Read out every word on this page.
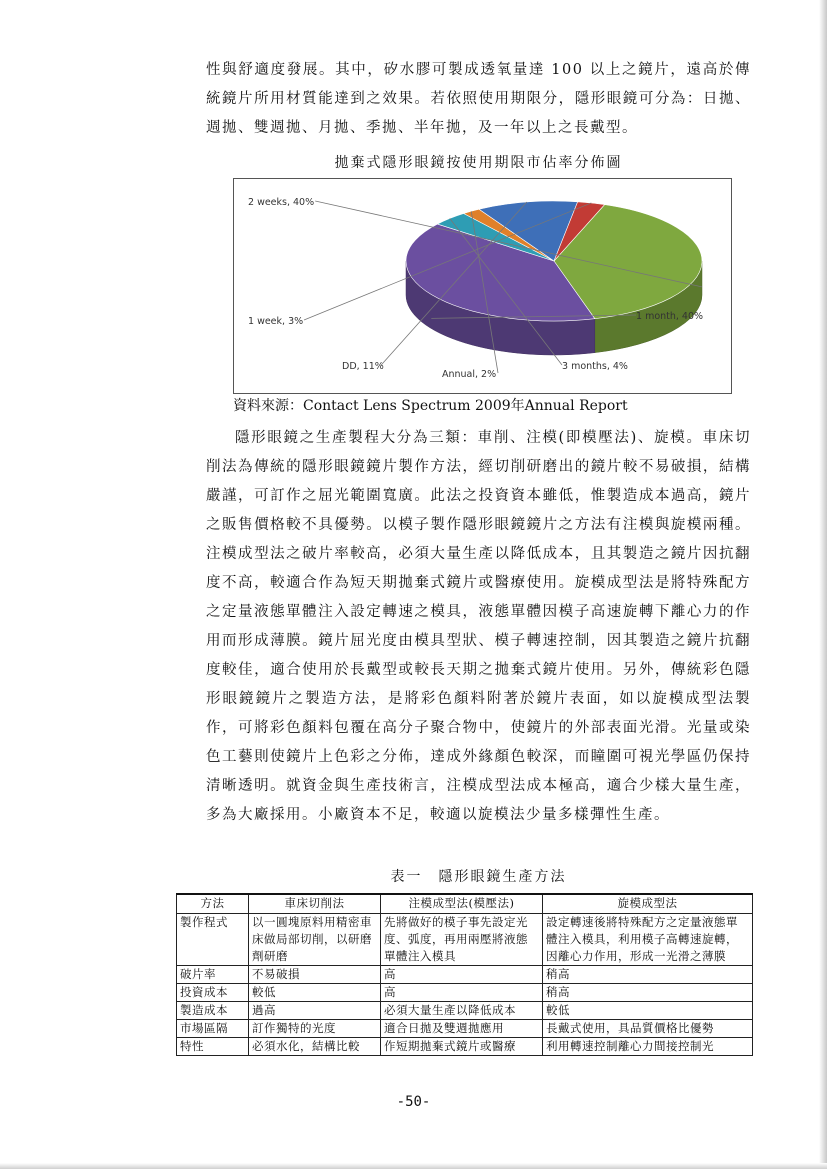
性與舒適度發展。其中，矽水膠可製成透氧量達 100 以上之鏡片，遠高於傳統鏡片所用材質能達到之效果。若依照使用期限分，隱形眼鏡可分為：日拋、週拋、雙週拋、月拋、季拋、半年拋，及一年以上之長戴型。

拋棄式隱形眼鏡按使用期限市佔率分佈圖

2 weeks, 40%
1 month, 40%
3 months, 4%
Annual, 2%
DD, 11%
1 week, 3%

資料來源：Contact Lens Spectrum 2009年Annual Report

隱形眼鏡之生產製程大分為三類：車削、注模(即模壓法)、旋模。車床切削法為傳統的隱形眼鏡鏡片製作方法，經切削研磨出的鏡片較不易破損，結構嚴謹，可訂作之屈光範圍寬廣。此法之投資資本雖低，惟製造成本過高，鏡片之販售價格較不具優勢。以模子製作隱形眼鏡鏡片之方法有注模與旋模兩種。注模成型法之破片率較高，必須大量生產以降低成本，且其製造之鏡片因抗翻度不高，較適合作為短天期拋棄式鏡片或醫療使用。旋模成型法是將特殊配方之定量液態單體注入設定轉速之模具，液態單體因模子高速旋轉下離心力的作用而形成薄膜。鏡片屈光度由模具型狀、模子轉速控制，因其製造之鏡片抗翻度較佳，適合使用於長戴型或較長天期之拋棄式鏡片使用。另外，傳統彩色隱形眼鏡鏡片之製造方法，是將彩色顏料附著於鏡片表面，如以旋模成型法製作，可將彩色顏料包覆在高分子聚合物中，使鏡片的外部表面光滑。光量或染色工藝則使鏡片上色彩之分佈，達成外緣顏色較深，而瞳圍可視光學區仍保持清晰透明。就資金與生產技術言，注模成型法成本極高，適合少樣大量生產，多為大廠採用。小廠資本不足，較適以旋模法少量多樣彈性生產。

表一　隱形眼鏡生產方法

方法	車床切削法	注模成型法(模壓法)	旋模成型法
製作程式	以一圓塊原料用精密車床做局部切削，以研磨劑研磨	先將做好的模子事先設定光度、弧度，再用兩壓將液態單體注入模具	設定轉速後將特殊配方之定量液態單體注入模具，利用模子高轉速旋轉，因離心力作用，形成一光滑之薄膜
破片率	不易破損	高	稍高
投資成本	較低	高	稍高
製造成本	過高	必須大量生產以降低成本	較低
市場區隔	訂作獨特的光度	適合日拋及雙週拋應用	長戴式使用，具品質價格比優勢
特性	必須水化，結構比較	作短期拋棄式鏡片或醫療	利用轉速控制離心力間接控制光

-50-
